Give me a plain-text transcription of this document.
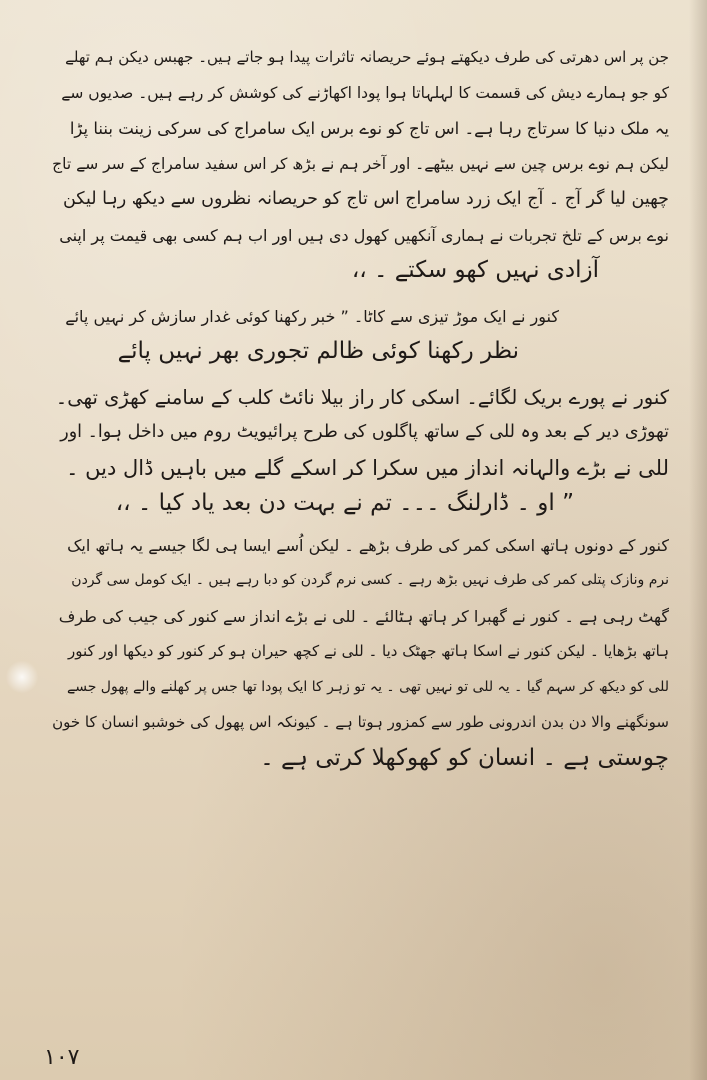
جن پر اس دھرتی کی طرف دیکھتے ہوئے حریصانہ تاثرات پیدا ہو جاتے ہیں۔ جھبس دیکن ہم تھلے
کو جو ہمارے دیش کی قسمت کا لہلہاتا ہوا پودا اکھاڑنے کی کوشش کر رہے ہیں۔ صدیوں سے
یہ ملک دنیا کا سرتاج رہا ہے۔ اس تاج کو نوے برس ایک سامراج کی سرکی زینت بننا پڑا
لیکن ہم نوے برس چین سے نہیں بیٹھے۔ اور آخر ہم نے بڑھ کر اس سفید سامراج کے سر سے تاج
چھین لیا گر آج ۔ آج ایک زرد سامراج اس تاج کو حریصانہ نظروں سے دیکھ رہا لیکن
نوے برس کے تلخ تجربات نے ہماری آنکھیں کھول دی ہیں اور اب ہم کسی بھی قیمت پر اپنی
آزادی نہیں کھو سکتے ۔ ،،
کنور نے ایک موڑ تیزی سے کاٹا۔ ” خبر رکھنا کوئی غدار سازش کر نہیں پائے
نظر رکھنا کوئی ظالم تجوری بھر نہیں پائے
کنور نے پورے بریک لگائے۔ اسکی کار راز بیلا نائٹ کلب کے سامنے کھڑی تھی۔
تھوڑی دیر کے بعد وہ للی کے ساتھ پاگلوں کی طرح پرائیویٹ روم میں داخل ہوا۔ اور
للی نے بڑے والہانہ انداز میں سکرا کر اسکے گلے میں باہیں ڈال دیں ۔
” او ۔ ڈارلنگ ۔۔۔ تم نے بہت دن بعد یاد کیا ۔ ،،
کنور کے دونوں ہاتھ اسکی کمر کی طرف بڑھے ۔ لیکن اُسے ایسا ہی لگا جیسے یہ ہاتھ ایک
نرم ونازک پتلی کمر کی طرف نہیں بڑھ رہے ۔ کسی نرم گردن کو دبا رہے ہیں ۔ ایک کومل سی گردن
گھٹ رہی ہے ۔ کنور نے گھبرا کر ہاتھ ہٹالئے ۔ للی نے بڑے انداز سے کنور کی جیب کی طرف
ہاتھ بڑھایا ۔ لیکن کنور نے اسکا ہاتھ جھٹک دیا ۔ للی نے کچھ حیران ہو کر کنور کو دیکھا اور کنور
للی کو دیکھ کر سہم گیا ۔ یہ للی تو نہیں تھی ۔ یہ تو زہر کا ایک پودا تھا جس پر کھلنے والے پھول جسے
سونگھنے والا دن بدن اندرونی طور سے کمزور ہوتا ہے ۔ کیونکہ اس پھول کی خوشبو انسان کا خون
چوستی ہے ۔ انسان کو کھوکھلا کرتی ہے ۔
۱۰۷
